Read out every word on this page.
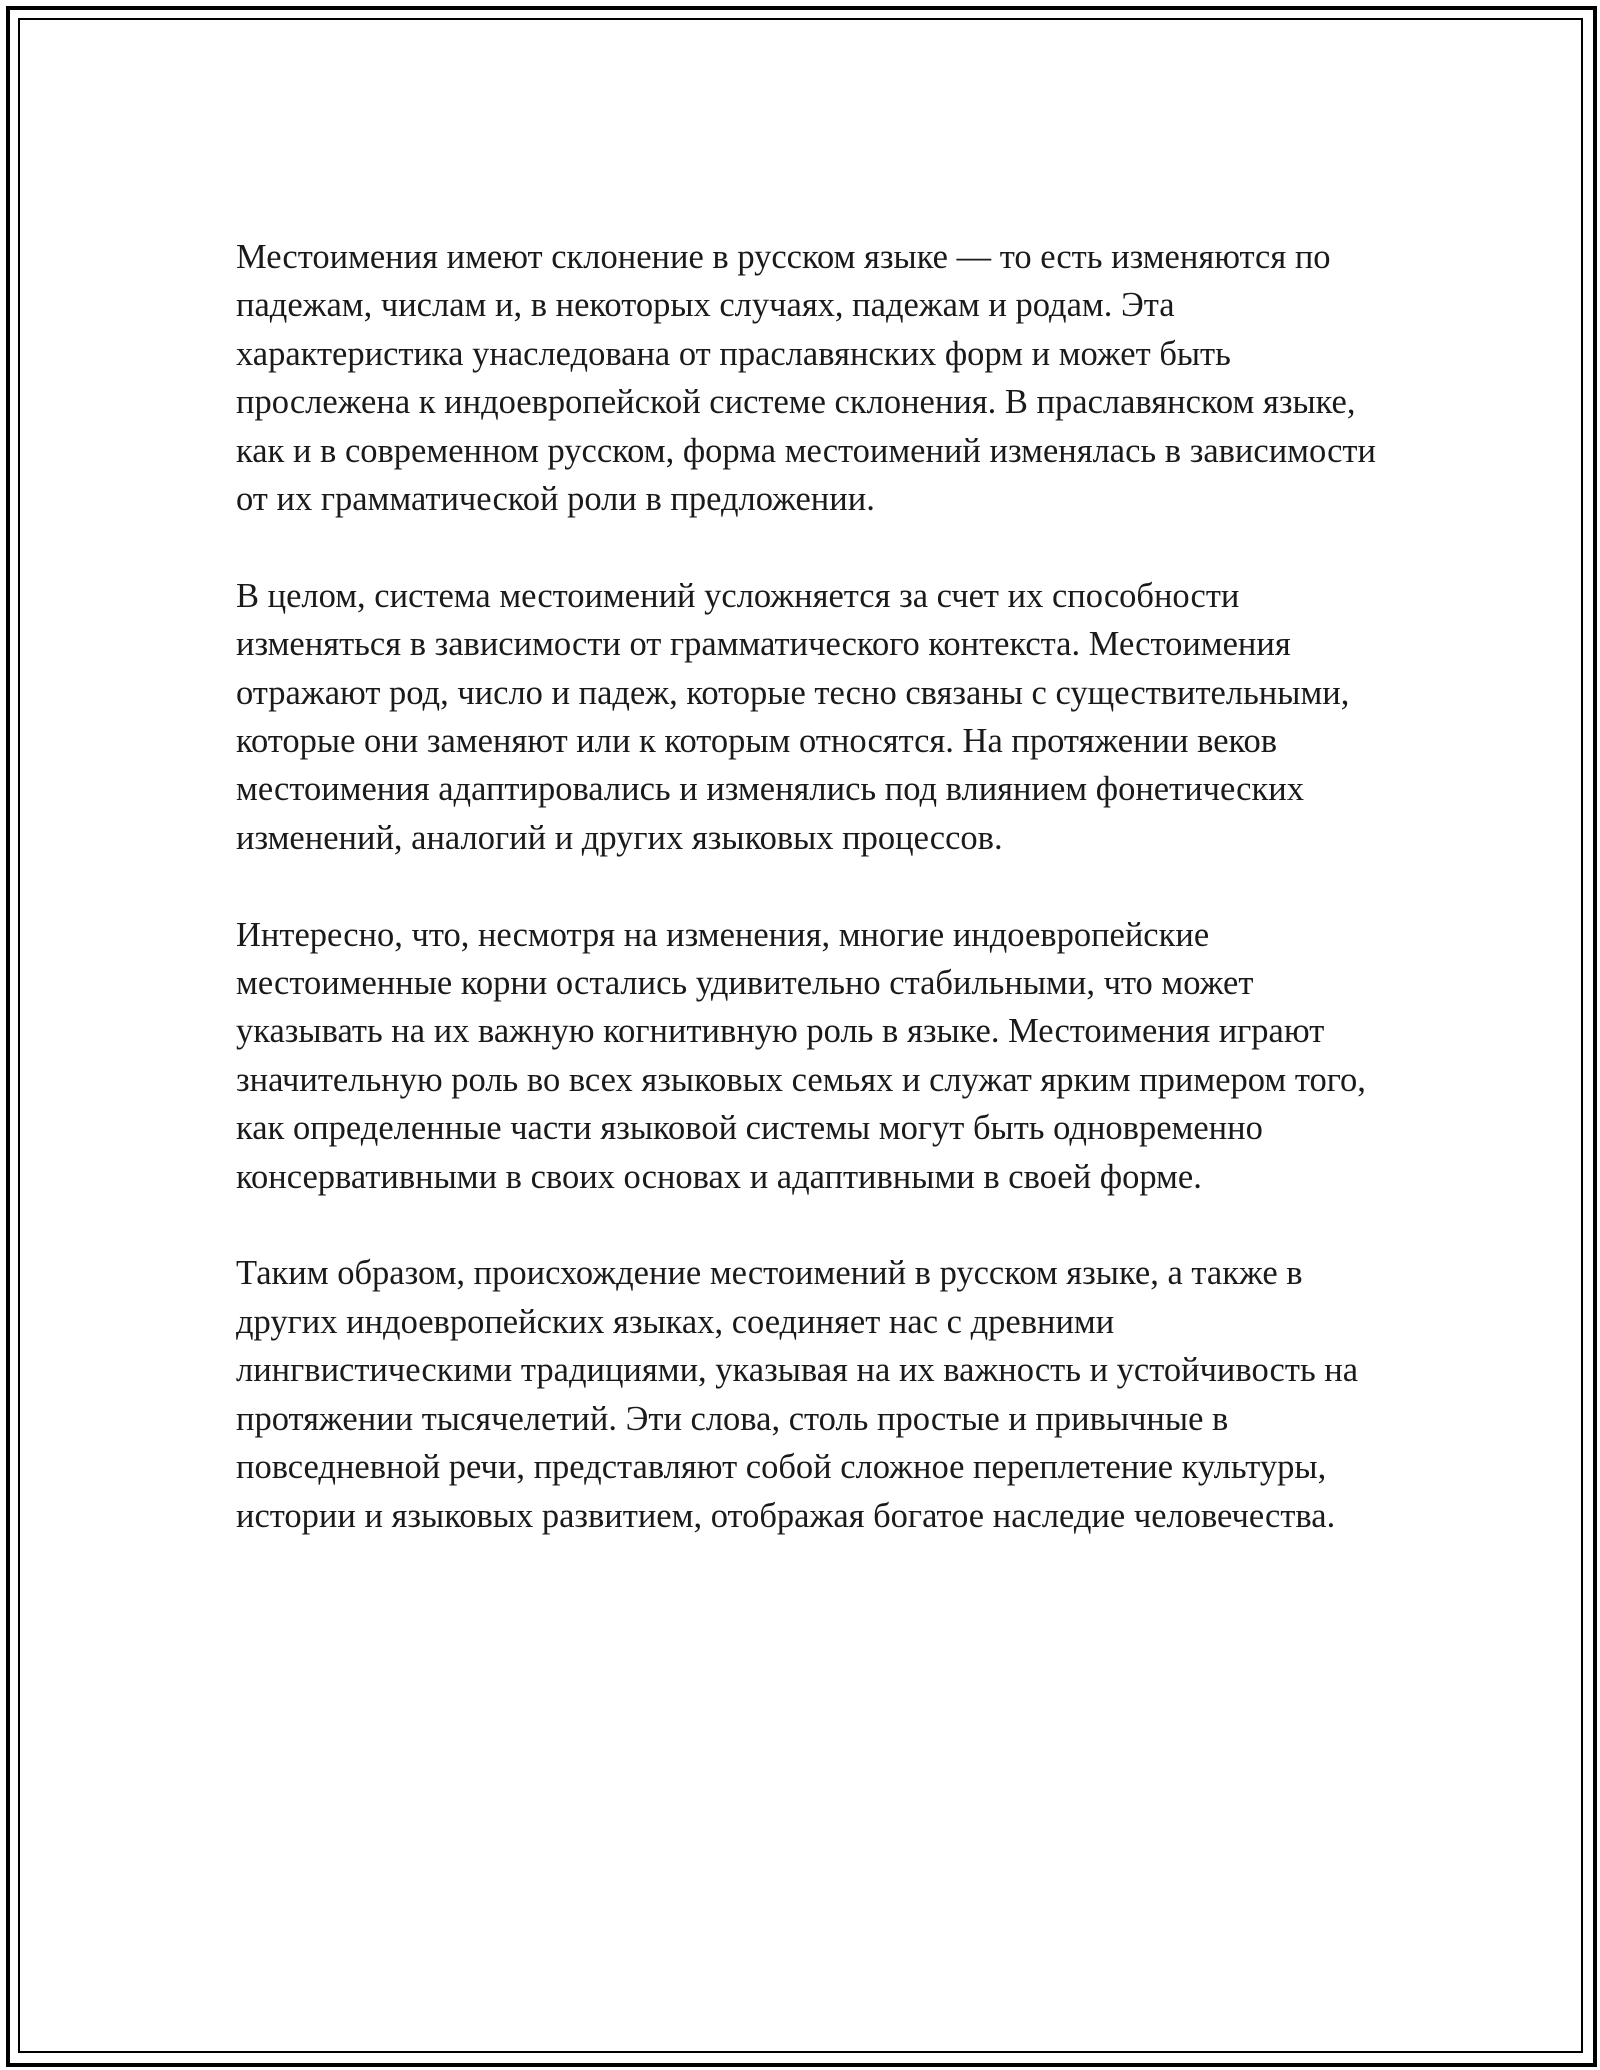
Местоимения имеют склонение в русском языке — то есть изменяются по падежам, числам и, в некоторых случаях, падежам и родам. Эта характеристика унаследована от праславянских форм и может быть прослежена к индоевропейской системе склонения. В праславянском языке, как и в современном русском, форма местоимений изменялась в зависимости от их грамматической роли в предложении.

В целом, система местоимений усложняется за счет их способности изменяться в зависимости от грамматического контекста. Местоимения отражают род, число и падеж, которые тесно связаны с существительными, которые они заменяют или к которым относятся. На протяжении веков местоимения адаптировались и изменялись под влиянием фонетических изменений, аналогий и других языковых процессов.

Интересно, что, несмотря на изменения, многие индоевропейские местоименные корни остались удивительно стабильными, что может указывать на их важную когнитивную роль в языке. Местоимения играют значительную роль во всех языковых семьях и служат ярким примером того, как определенные части языковой системы могут быть одновременно консервативными в своих основах и адаптивными в своей форме.

Таким образом, происхождение местоимений в русском языке, а также в других индоевропейских языках, соединяет нас с древними лингвистическими традициями, указывая на их важность и устойчивость на протяжении тысячелетий. Эти слова, столь простые и привычные в повседневной речи, представляют собой сложное переплетение культуры, истории и языковых развитием, отображая богатое наследие человечества.
